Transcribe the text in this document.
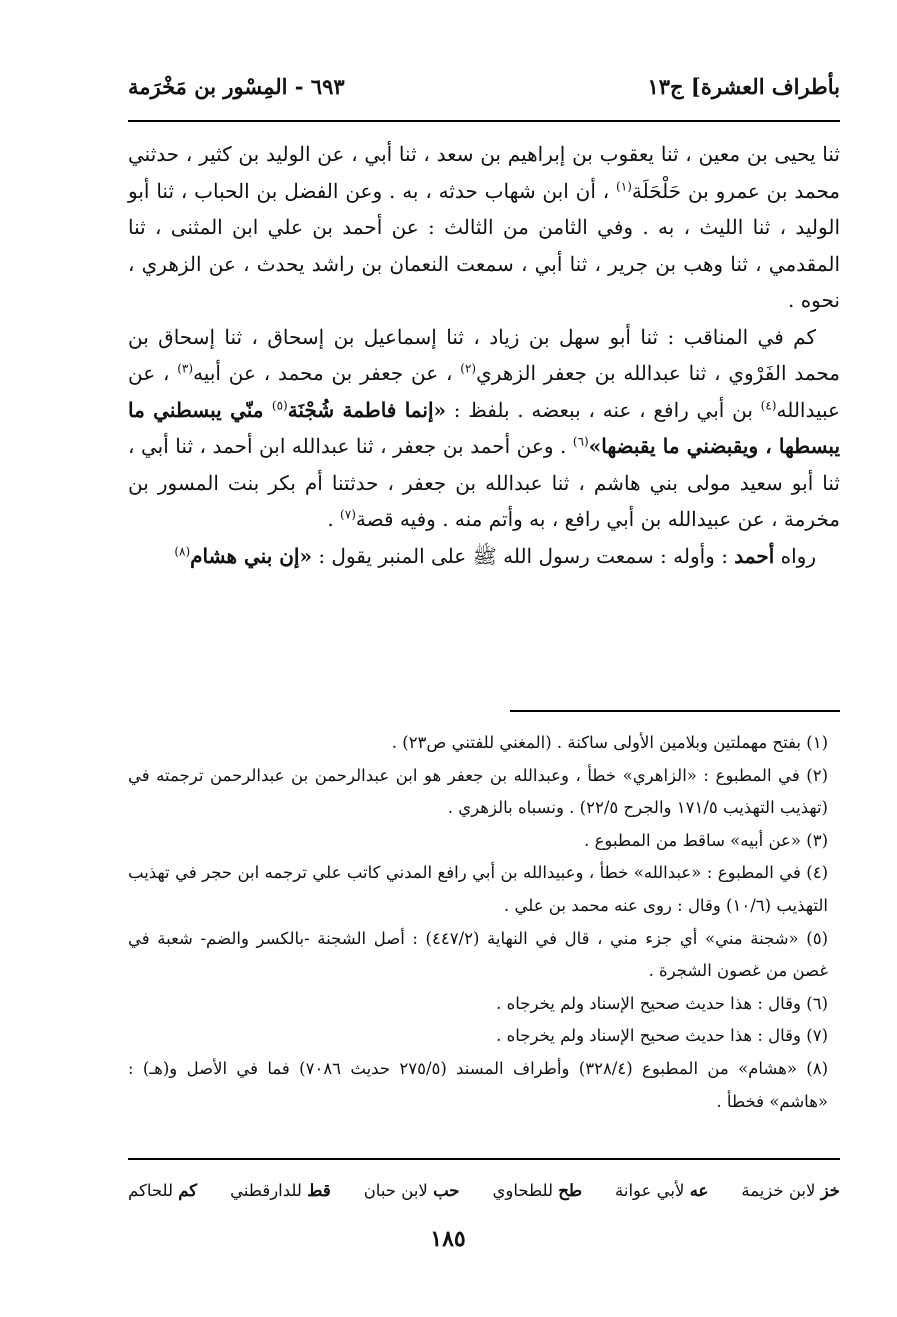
بأطراف العشرة] ج١٣
٦٩٣ - المِسْور بن مَخْرَمة

ثنا يحيى بن معين ، ثنا يعقوب بن إبراهيم بن سعد ، ثنا أبي ، عن الوليد بن كثير ، حدثني محمد بن عمرو بن حَلْحَلَة$^{(١)}$ ، أن ابن شهاب حدثه ، به . وعن الفضل بن الحباب ، ثنا أبو الوليد ، ثنا الليث ، به . وفي الثامن من الثالث : عن أحمد بن علي ابن المثنى ، ثنا المقدمي ، ثنا وهب بن جرير ، ثنا أبي ، سمعت النعمان بن راشد يحدث ، عن الزهري ، نحوه .

كم في المناقب : ثنا أبو سهل بن زياد ، ثنا إسماعيل بن إسحاق ، ثنا إسحاق بن محمد الفَرْوي ، ثنا عبدالله بن جعفر الزهري$^{(٢)}$ ، عن جعفر بن محمد ، عن أبيه$^{(٣)}$ ، عن عبيدالله$^{(٤)}$ بن أبي رافع ، عنه ، ببعضه . بلفظ : «إنما فاطمة شُجْنَة$^{(٥)}$ منّي يبسطني ما يبسطها ، ويقبضني ما يقبضها»$^{(٦)}$ . وعن أحمد بن جعفر ، ثنا عبدالله ابن أحمد ، ثنا أبي ، ثنا أبو سعيد مولى بني هاشم ، ثنا عبدالله بن جعفر ، حدثتنا أم بكر بنت المسور بن مخرمة ، عن عبيدالله بن أبي رافع ، به وأتم منه . وفيه قصة$^{(٧)}$ .

رواه أحمد : وأوله : سمعت رسول الله ﷺ على المنبر يقول : «إن بني هشام$^{(٨)}$

(١) بفتح مهملتين وبلامين الأولى ساكنة . (المغني للفتني ص٢٣) .

(٢) في المطبوع : «الزاهري» خطأ ، وعبدالله بن جعفر هو ابن عبدالرحمن بن عبدالرحمن ترجمته في (تهذيب التهذيب ١٧١/٥ والجرح ٢٢/٥) . ونسباه بالزهري .

(٣) «عن أبيه» ساقط من المطبوع .

(٤) في المطبوع : «عبدالله» خطأ ، وعبيدالله بن أبي رافع المدني كاتب علي ترجمه ابن حجر في تهذيب التهذيب (١٠/٦) وقال : روى عنه محمد بن علي .

(٥) «شجنة مني» أي جزء مني ، قال في النهاية (٤٤٧/٢) : أصل الشجنة -بالكسر والضم- شعبة في غصن من غصون الشجرة .

(٦) وقال : هذا حديث صحيح الإسناد ولم يخرجاه .

(٧) وقال : هذا حديث صحيح الإسناد ولم يخرجاه .

(٨) «هشام» من المطبوع (٣٢٨/٤) وأطراف المسند (٢٧٥/٥ حديث ٧٠٨٦) فما في الأصل و(هـ) : «هاشم» فخطأ .

خز لابن خزيمة
عه لأبي عوانة
طح للطحاوي
حب لابن حبان
قط للدارقطني
كم للحاكم
١٨٥
